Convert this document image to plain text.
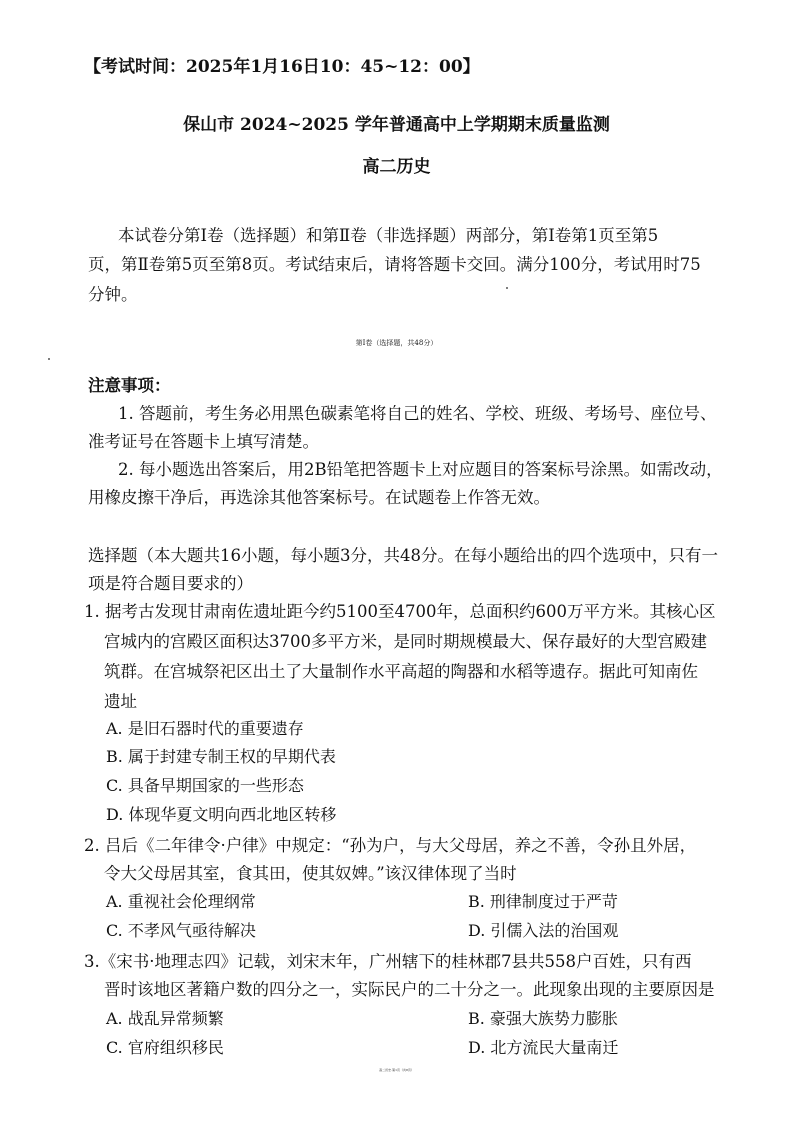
【考试时间：2025年1月16日10：45~12：00】
保山市 2024~2025 学年普通高中上学期期末质量监测
高二历史
本试卷分第Ⅰ卷（选择题）和第Ⅱ卷（非选择题）两部分，第Ⅰ卷第1页至第5
页，第Ⅱ卷第5页至第8页。考试结束后，请将答题卡交回。满分100分，考试用时75
分钟。
第Ⅰ卷（选择题，共48分）
注意事项：
1. 答题前，考生务必用黑色碳素笔将自己的姓名、学校、班级、考场号、座位号、
准考证号在答题卡上填写清楚。
2. 每小题选出答案后，用2B铅笔把答题卡上对应题目的答案标号涂黑。如需改动，
用橡皮擦干净后，再选涂其他答案标号。在试题卷上作答无效。
选择题（本大题共16小题，每小题3分，共48分。在每小题给出的四个选项中，只有一
项是符合题目要求的）
1. 据考古发现甘肃南佐遗址距今约5100至4700年，总面积约600万平方米。其核心区
宫城内的宫殿区面积达3700多平方米，是同时期规模最大、保存最好的大型宫殿建
筑群。在宫城祭祀区出土了大量制作水平高超的陶器和水稻等遗存。据此可知南佐
遗址
A. 是旧石器时代的重要遗存
B. 属于封建专制王权的早期代表
C. 具备早期国家的一些形态
D. 体现华夏文明向西北地区转移
2. 吕后《二年律令·户律》中规定：“孙为户，与大父母居，养之不善，令孙且外居，
令大父母居其室，食其田，使其奴婢。”该汉律体现了当时
A. 重视社会伦理纲常	B. 刑律制度过于严苛
C. 不孝风气亟待解决	D. 引儒入法的治国观
3.《宋书·地理志四》记载，刘宋末年，广州辖下的桂林郡7县共558户百姓，只有西
晋时该地区著籍户数的四分之一，实际民户的二十分之一。此现象出现的主要原因是
A. 战乱异常频繁	B. 豪强大族势力膨胀
C. 官府组织移民	D. 北方流民大量南迁
高二历史·第1页（共8页）
